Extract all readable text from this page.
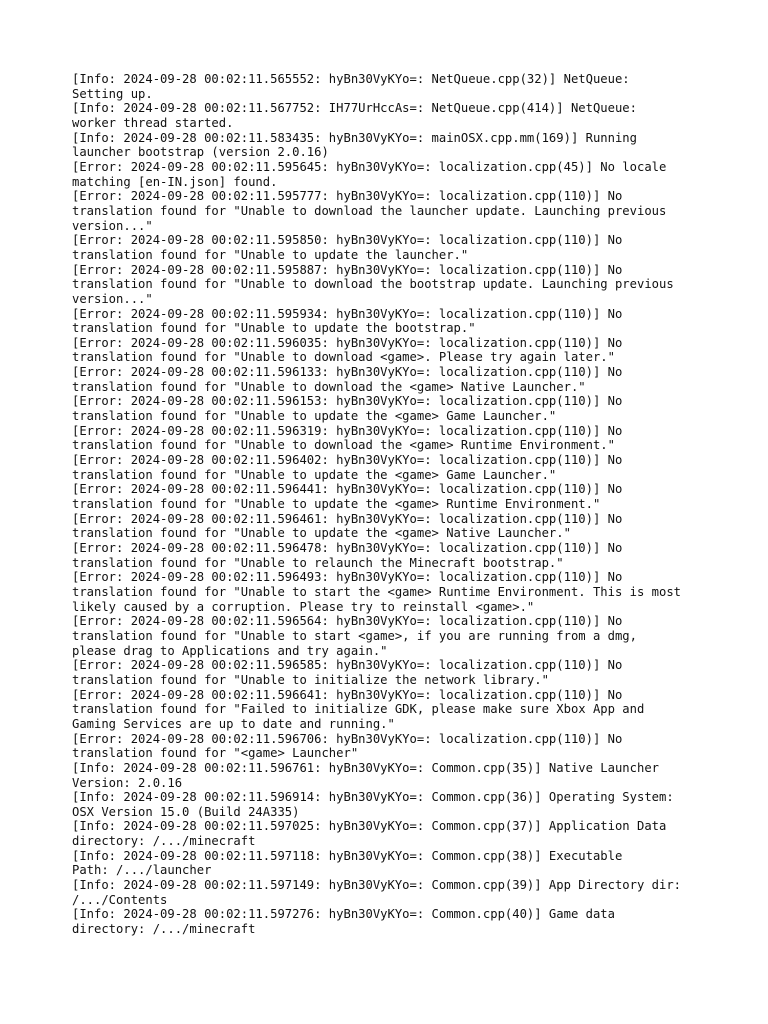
[Info: 2024-09-28 00:02:11.565552: hyBn30VyKYo=: NetQueue.cpp(32)] NetQueue:
Setting up.
[Info: 2024-09-28 00:02:11.567752: IH77UrHccAs=: NetQueue.cpp(414)] NetQueue:
worker thread started.
[Info: 2024-09-28 00:02:11.583435: hyBn30VyKYo=: mainOSX.cpp.mm(169)] Running
launcher bootstrap (version 2.0.16)
[Error: 2024-09-28 00:02:11.595645: hyBn30VyKYo=: localization.cpp(45)] No locale
matching [en-IN.json] found.
[Error: 2024-09-28 00:02:11.595777: hyBn30VyKYo=: localization.cpp(110)] No
translation found for "Unable to download the launcher update. Launching previous
version..."
[Error: 2024-09-28 00:02:11.595850: hyBn30VyKYo=: localization.cpp(110)] No
translation found for "Unable to update the launcher."
[Error: 2024-09-28 00:02:11.595887: hyBn30VyKYo=: localization.cpp(110)] No
translation found for "Unable to download the bootstrap update. Launching previous
version..."
[Error: 2024-09-28 00:02:11.595934: hyBn30VyKYo=: localization.cpp(110)] No
translation found for "Unable to update the bootstrap."
[Error: 2024-09-28 00:02:11.596035: hyBn30VyKYo=: localization.cpp(110)] No
translation found for "Unable to download <game>. Please try again later."
[Error: 2024-09-28 00:02:11.596133: hyBn30VyKYo=: localization.cpp(110)] No
translation found for "Unable to download the <game> Native Launcher."
[Error: 2024-09-28 00:02:11.596153: hyBn30VyKYo=: localization.cpp(110)] No
translation found for "Unable to update the <game> Game Launcher."
[Error: 2024-09-28 00:02:11.596319: hyBn30VyKYo=: localization.cpp(110)] No
translation found for "Unable to download the <game> Runtime Environment."
[Error: 2024-09-28 00:02:11.596402: hyBn30VyKYo=: localization.cpp(110)] No
translation found for "Unable to update the <game> Game Launcher."
[Error: 2024-09-28 00:02:11.596441: hyBn30VyKYo=: localization.cpp(110)] No
translation found for "Unable to update the <game> Runtime Environment."
[Error: 2024-09-28 00:02:11.596461: hyBn30VyKYo=: localization.cpp(110)] No
translation found for "Unable to update the <game> Native Launcher."
[Error: 2024-09-28 00:02:11.596478: hyBn30VyKYo=: localization.cpp(110)] No
translation found for "Unable to relaunch the Minecraft bootstrap."
[Error: 2024-09-28 00:02:11.596493: hyBn30VyKYo=: localization.cpp(110)] No
translation found for "Unable to start the <game> Runtime Environment. This is most
likely caused by a corruption. Please try to reinstall <game>."
[Error: 2024-09-28 00:02:11.596564: hyBn30VyKYo=: localization.cpp(110)] No
translation found for "Unable to start <game>, if you are running from a dmg,
please drag to Applications and try again."
[Error: 2024-09-28 00:02:11.596585: hyBn30VyKYo=: localization.cpp(110)] No
translation found for "Unable to initialize the network library."
[Error: 2024-09-28 00:02:11.596641: hyBn30VyKYo=: localization.cpp(110)] No
translation found for "Failed to initialize GDK, please make sure Xbox App and
Gaming Services are up to date and running."
[Error: 2024-09-28 00:02:11.596706: hyBn30VyKYo=: localization.cpp(110)] No
translation found for "<game> Launcher"
[Info: 2024-09-28 00:02:11.596761: hyBn30VyKYo=: Common.cpp(35)] Native Launcher
Version: 2.0.16
[Info: 2024-09-28 00:02:11.596914: hyBn30VyKYo=: Common.cpp(36)] Operating System:
OSX Version 15.0 (Build 24A335)
[Info: 2024-09-28 00:02:11.597025: hyBn30VyKYo=: Common.cpp(37)] Application Data
directory: /.../minecraft
[Info: 2024-09-28 00:02:11.597118: hyBn30VyKYo=: Common.cpp(38)] Executable
Path: /.../launcher
[Info: 2024-09-28 00:02:11.597149: hyBn30VyKYo=: Common.cpp(39)] App Directory dir:
/.../Contents
[Info: 2024-09-28 00:02:11.597276: hyBn30VyKYo=: Common.cpp(40)] Game data
directory: /.../minecraft
